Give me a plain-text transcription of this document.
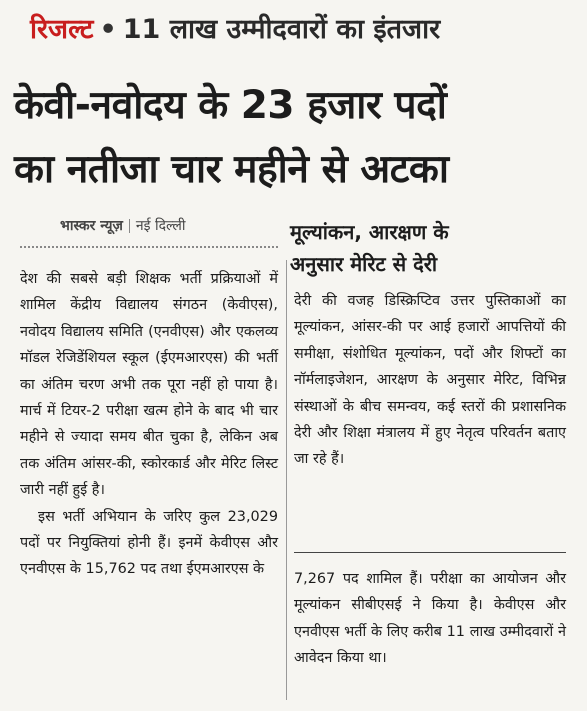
रिजल्ट • 11 लाख उम्मीदवारों का इंतजार
केवी-नवोदय के 23 हजार पदों
का नतीजा चार महीने से अटका
भास्कर न्यूज़ नई दिल्ली	मूल्यांकन, आरक्षण के
अनुसार मेरिट से देरी

देश की सबसे बड़ी शिक्षक भर्ती प्रक्रियाओं में शामिल केंद्रीय विद्यालय संगठन (केवीएस), नवोदय विद्यालय समिति (एनवीएस) और एकलव्य मॉडल रेजिडेंशियल स्कूल (ईएमआरएस) की भर्ती का अंतिम चरण अभी तक पूरा नहीं हो पाया है। मार्च में टियर-2 परीक्षा खत्म होने के बाद भी चार महीने से ज्यादा समय बीत चुका है, लेकिन अब तक अंतिम आंसर-की, स्कोरकार्ड और मेरिट लिस्ट जारी नहीं हुई है।

इस भर्ती अभियान के जरिए कुल 23,029 पदों पर नियुक्तियां होनी हैं। इनमें केवीएस और एनवीएस के 15,762 पद तथा ईएमआरएस के

देरी की वजह डिस्क्रिप्टिव उत्तर पुस्तिकाओं का मूल्यांकन, आंसर-की पर आई हजारों आपत्तियों की समीक्षा, संशोधित मूल्यांकन, पदों और शिफ्टों का नॉर्मलाइजेशन, आरक्षण के अनुसार मेरिट, विभिन्न संस्थाओं के बीच समन्वय, कई स्तरों की प्रशासनिक देरी और शिक्षा मंत्रालय में हुए नेतृत्व परिवर्तन बताए जा रहे हैं।

7,267 पद शामिल हैं। परीक्षा का आयोजन और मूल्यांकन सीबीएसई ने किया है। केवीएस और एनवीएस भर्ती के लिए करीब 11 लाख उम्मीदवारों ने आवेदन किया था।
